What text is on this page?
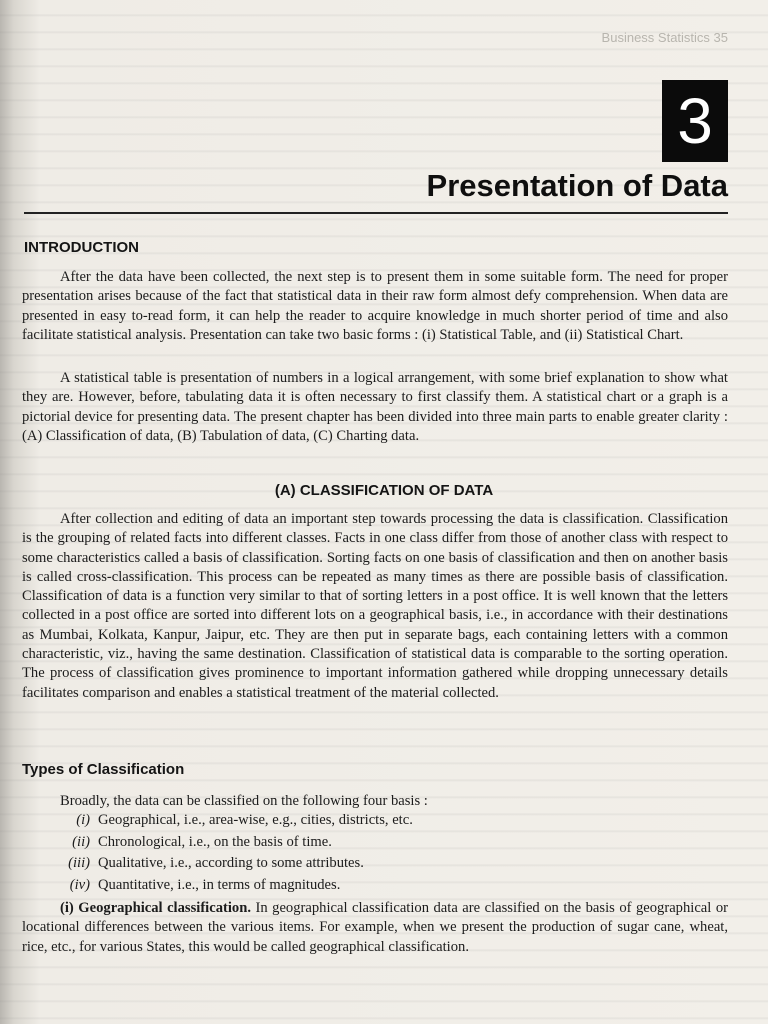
Business Statistics 35
3
Presentation of Data
INTRODUCTION

After the data have been collected, the next step is to present them in some suitable form. The need for proper presentation arises because of the fact that statistical data in their raw form almost defy comprehension. When data are presented in easy to-read form, it can help the reader to acquire knowledge in much shorter period of time and also facilitate statistical analysis. Presentation can take two basic forms : (i) Statistical Table, and (ii) Statistical Chart.

A statistical table is presentation of numbers in a logical arrangement, with some brief explanation to show what they are. However, before, tabulating data it is often necessary to first classify them. A statistical chart or a graph is a pictorial device for presenting data. The present chapter has been divided into three main parts to enable greater clarity : (A) Classification of data, (B) Tabulation of data, (C) Charting data.

(A) CLASSIFICATION OF DATA

After collection and editing of data an important step towards processing the data is classification. Classification is the grouping of related facts into different classes. Facts in one class differ from those of another class with respect to some characteristics called a basis of classification. Sorting facts on one basis of classification and then on another basis is called cross-classification. This process can be repeated as many times as there are possible basis of classification. Classification of data is a function very similar to that of sorting letters in a post office. It is well known that the letters collected in a post office are sorted into different lots on a geographical basis, i.e., in accordance with their destinations as Mumbai, Kolkata, Kanpur, Jaipur, etc. They are then put in separate bags, each containing letters with a common characteristic, viz., having the same destination. Classification of statistical data is comparable to the sorting operation. The process of classification gives prominence to important information gathered while dropping unnecessary details facilitates comparison and enables a statistical treatment of the material collected.

Types of Classification

Broadly, the data can be classified on the following four basis :

(i) Geographical, i.e., area-wise, e.g., cities, districts, etc.
(ii) Chronological, i.e., on the basis of time.
(iii) Qualitative, i.e., according to some attributes.
(iv) Quantitative, i.e., in terms of magnitudes.

(i) Geographical classification. In geographical classification data are classified on the basis of geographical or locational differences between the various items. For example, when we present the production of sugar cane, wheat, rice, etc., for various States, this would be called geographical classification.
